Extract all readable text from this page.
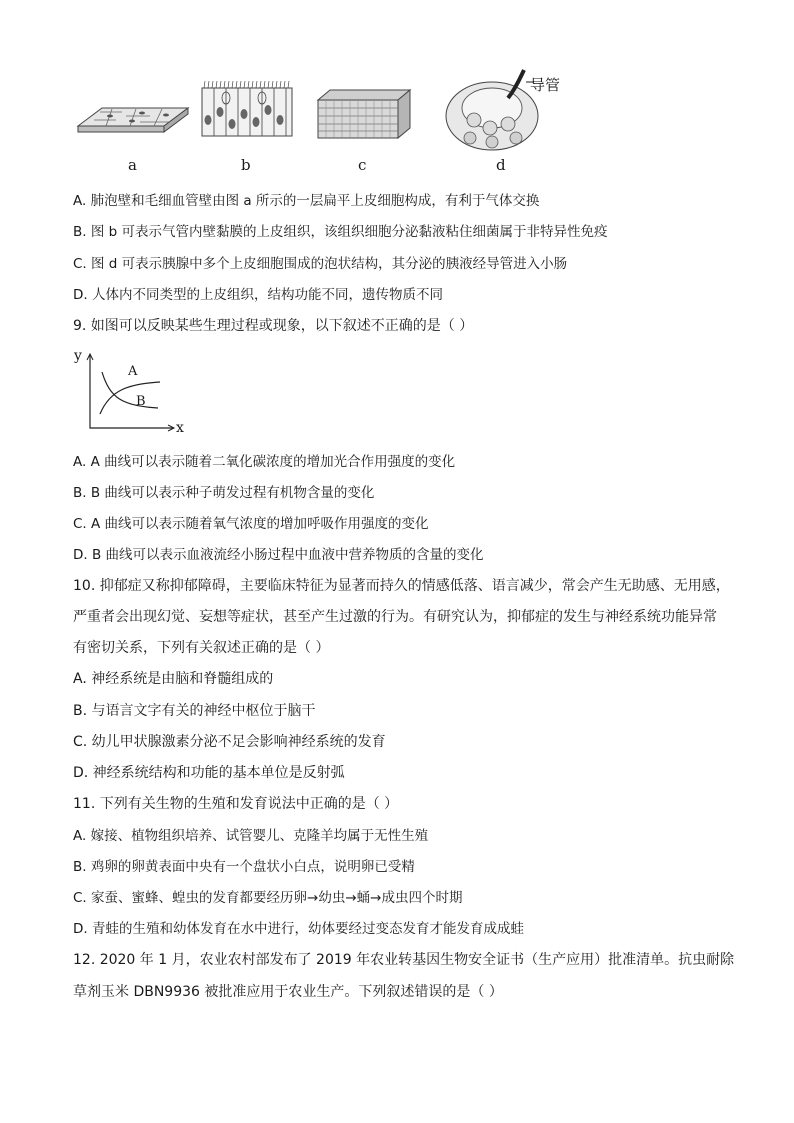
a	b	c	d
导管
A. 肺泡壁和毛细血管壁由图 a 所示的一层扁平上皮细胞构成，有利于气体交换
B. 图 b 可表示气管内壁黏膜的上皮组织，该组织细胞分泌黏液粘住细菌属于非特异性免疫
C. 图 d 可表示胰腺中多个上皮细胞围成的泡状结构，其分泌的胰液经导管进入小肠
D. 人体内不同类型的上皮组织，结构功能不同，遗传物质不同
9. 如图可以反映某些生理过程或现象，以下叙述不正确的是（ ）
y
x
A
B
A. A 曲线可以表示随着二氧化碳浓度的增加光合作用强度的变化
B. B 曲线可以表示种子萌发过程有机物含量的变化
C. A 曲线可以表示随着氧气浓度的增加呼吸作用强度的变化
D. B 曲线可以表示血液流经小肠过程中血液中营养物质的含量的变化
10. 抑郁症又称抑郁障碍，主要临床特征为显著而持久的情感低落、语言减少，常会产生无助感、无用感，
严重者会出现幻觉、妄想等症状，甚至产生过激的行为。有研究认为，抑郁症的发生与神经系统功能异常
有密切关系，下列有关叙述正确的是（ ）
A. 神经系统是由脑和脊髓组成的
B. 与语言文字有关的神经中枢位于脑干
C. 幼儿甲状腺激素分泌不足会影响神经系统的发育
D. 神经系统结构和功能的基本单位是反射弧
11. 下列有关生物的生殖和发育说法中正确的是（ ）
A. 嫁接、植物组织培养、试管婴儿、克隆羊均属于无性生殖
B. 鸡卵的卵黄表面中央有一个盘状小白点，说明卵已受精
C. 家蚕、蜜蜂、蝗虫的发育都要经历卵→幼虫→蛹→成虫四个时期
D. 青蛙的生殖和幼体发育在水中进行，幼体要经过变态发育才能发育成成蛙
12. 2020 年 1 月，农业农村部发布了 2019 年农业转基因生物安全证书（生产应用）批准清单。抗虫耐除
草剂玉米 DBN9936 被批准应用于农业生产。下列叙述错误的是（ ）
